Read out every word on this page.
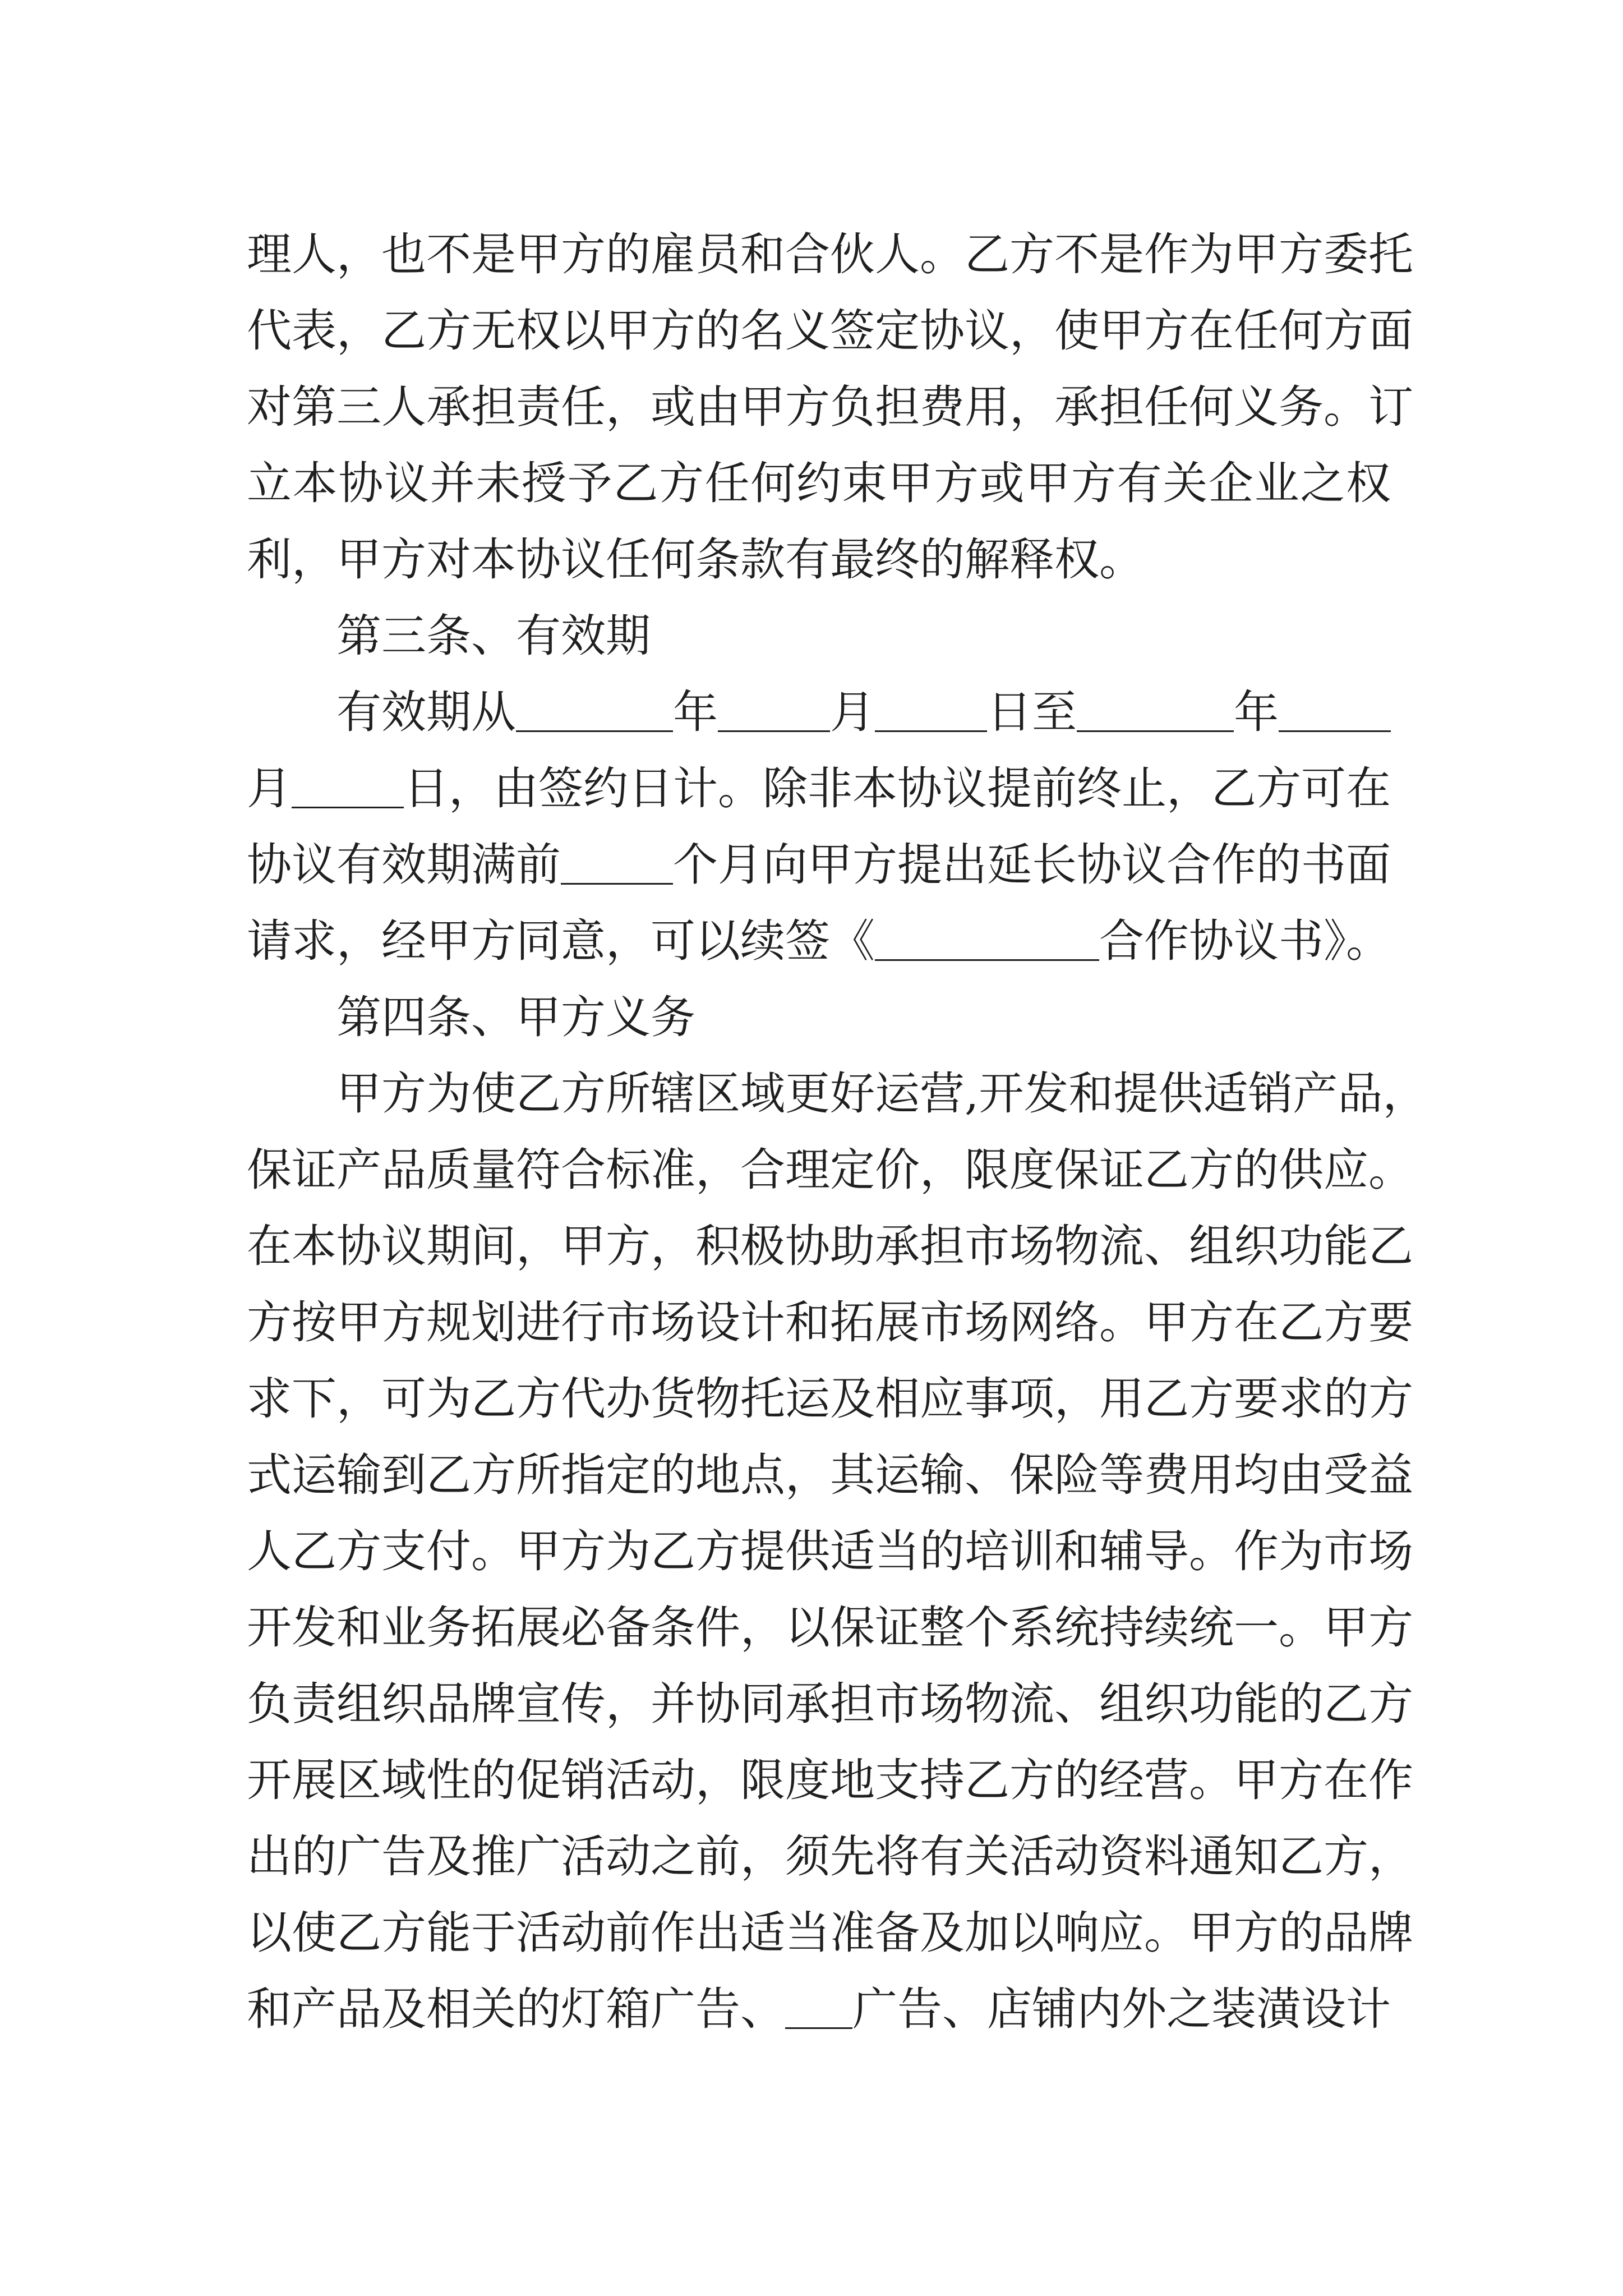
理人，也不是甲方的雇员和合伙人。乙方不是作为甲方委托
代表，乙方无权以甲方的名义签定协议，使甲方在任何方面
对第三人承担责任，或由甲方负担费用，承担任何义务。订
立本协议并未授予乙方任何约束甲方或甲方有关企业之权
利，甲方对本协议任何条款有最终的解释权。
第三条、有效期
有效期从	年	月	日至	年
月	日，由签约日计。除非本协议提前终止，乙方可在
协议有效期满前	个月向甲方提出延长协议合作的书面
请求，经甲方同意，可以续签《	合作协议书》。
第四条、甲方义务
甲方为使乙方所辖区域更好运营,开发和提供适销产品，
保证产品质量符合标准，合理定价，限度保证乙方的供应。
在本协议期间，甲方，积极协助承担市场物流、组织功能乙
方按甲方规划进行市场设计和拓展市场网络。甲方在乙方要
求下，可为乙方代办货物托运及相应事项，用乙方要求的方
式运输到乙方所指定的地点，其运输、保险等费用均由受益
人乙方支付。甲方为乙方提供适当的培训和辅导。作为市场
开发和业务拓展必备条件，以保证整个系统持续统一。甲方
负责组织品牌宣传，并协同承担市场物流、组织功能的乙方
开展区域性的促销活动，限度地支持乙方的经营。甲方在作
出的广告及推广活动之前，须先将有关活动资料通知乙方，
以使乙方能于活动前作出适当准备及加以响应。甲方的品牌
和产品及相关的灯箱广告、 广告、店铺内外之装潢设计
